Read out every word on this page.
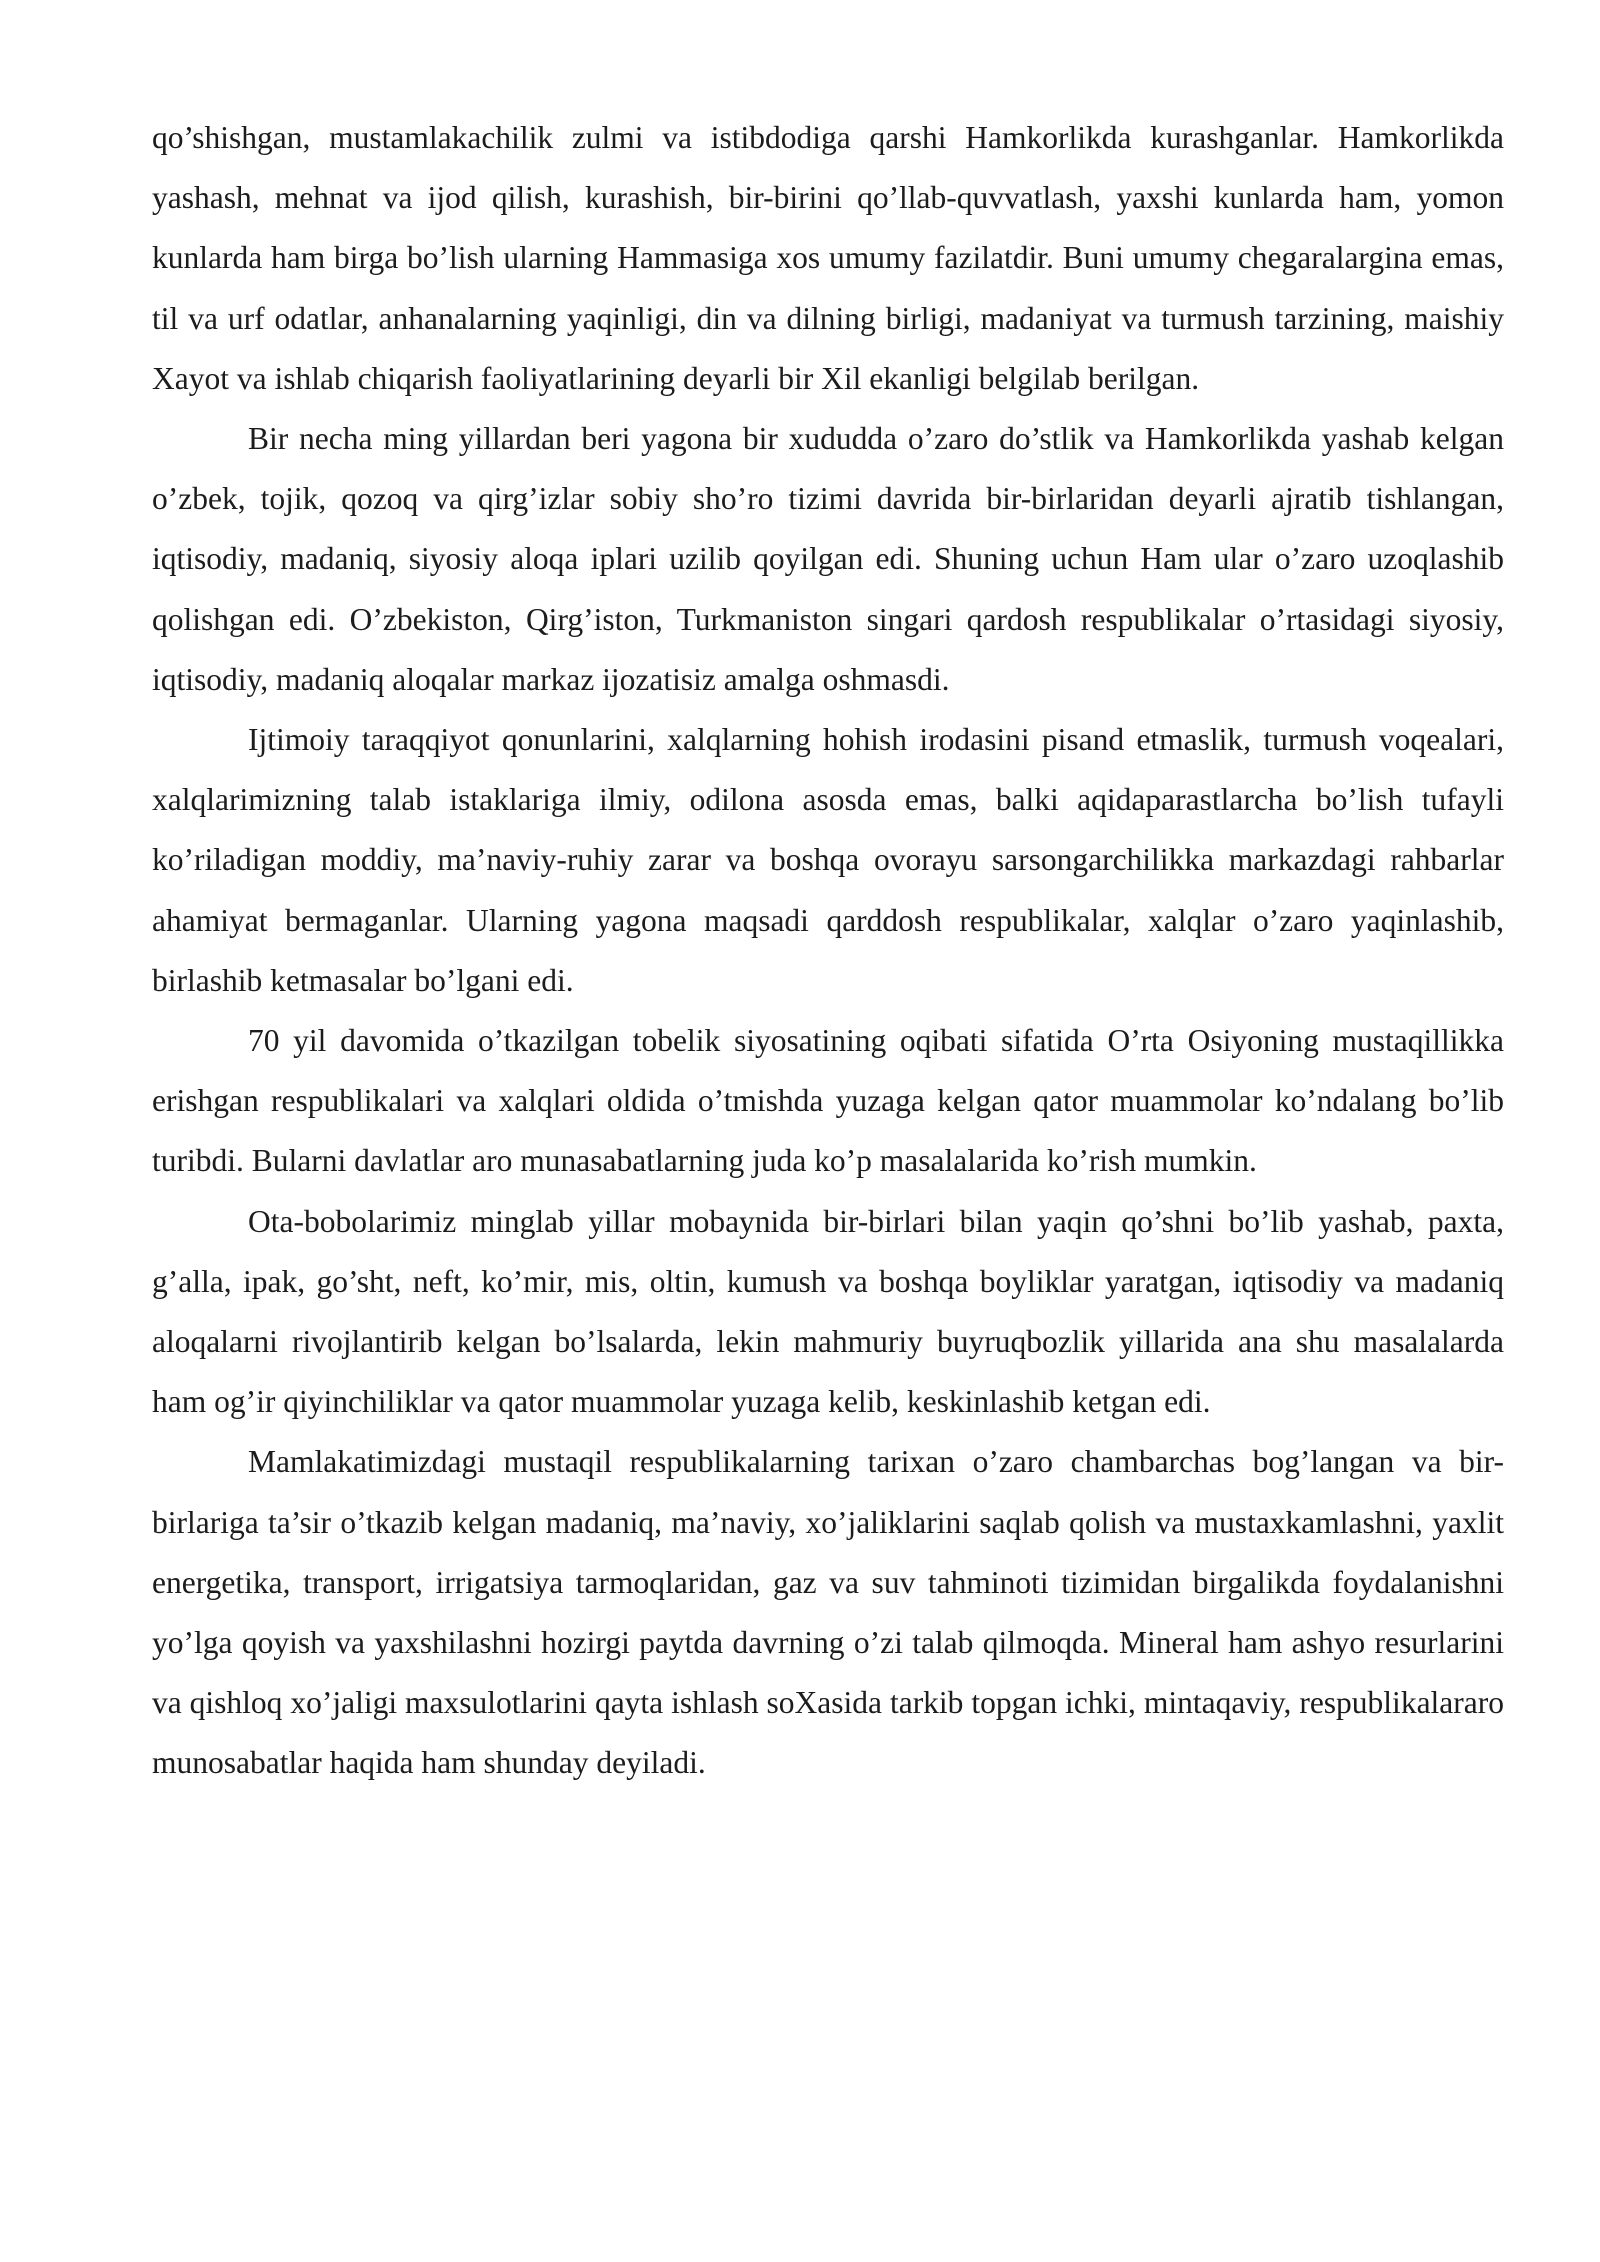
qo’shishgan, mustamlakachilik zulmi va istibdodiga qarshi Hamkorlikda kurashganlar. Hamkorlikda yashash, mehnat va ijod qilish, kurashish, bir-birini qo’llab-quvvatlash, yaxshi kunlarda ham, yomon kunlarda ham birga bo’lish ularning Hammasiga xos umumy fazilatdir. Buni umumy chegaralargina emas, til va urf odatlar, anhanalarning yaqinligi, din va dilning birligi, madaniyat va turmush tarzining, maishiy Xayot va ishlab chiqarish faoliyatlarining deyarli bir Xil ekanligi belgilab berilgan.

Bir necha ming yillardan beri yagona bir xududda o’zaro do’stlik va Hamkorlikda yashab kelgan o’zbek, tojik, qozoq va qirg’izlar sobiy sho’ro tizimi davrida bir-birlaridan deyarli ajratib tishlangan, iqtisodiy, madaniq, siyosiy aloqa iplari uzilib qoyilgan edi. Shuning uchun Ham ular o’zaro uzoqlashib qolishgan edi. O’zbekiston, Qirg’iston, Turkmaniston singari qardosh respublikalar o’rtasidagi siyosiy, iqtisodiy, madaniq aloqalar markaz ijozatisiz amalga oshmasdi.

Ijtimoiy taraqqiyot qonunlarini, xalqlarning hohish irodasini pisand etmaslik, turmush voqealari, xalqlarimizning talab istaklariga ilmiy, odilona asosda emas, balki aqidaparastlarcha bo’lish tufayli ko’riladigan moddiy, ma’naviy-ruhiy zarar va boshqa ovorayu sarsongarchilikka markazdagi rahbarlar ahamiyat bermaganlar. Ularning yagona maqsadi qarddosh respublikalar, xalqlar o’zaro yaqinlashib, birlashib ketmasalar bo’lgani edi.

70 yil davomida o’tkazilgan tobelik siyosatining oqibati sifatida O’rta Osiyoning mustaqillikka erishgan respublikalari va xalqlari oldida o’tmishda yuzaga kelgan qator muammolar ko’ndalang bo’lib turibdi. Bularni davlatlar aro munasabatlarning juda ko’p masalalarida ko’rish mumkin.

Ota-bobolarimiz minglab yillar mobaynida bir-birlari bilan yaqin qo’shni bo’lib yashab, paxta, g’alla, ipak, go’sht, neft, ko’mir, mis, oltin, kumush va boshqa boyliklar yaratgan, iqtisodiy va madaniq aloqalarni rivojlantirib kelgan bo’lsalarda, lekin mahmuriy buyruqbozlik yillarida ana shu masalalarda ham og’ir qiyinchiliklar va qator muammolar yuzaga kelib, keskinlashib ketgan edi.

Mamlakatimizdagi mustaqil respublikalarning tarixan o’zaro chambarchas bog’langan va bir-birlariga ta’sir o’tkazib kelgan madaniq, ma’naviy, xo’jaliklarini saqlab qolish va mustaxkamlashni, yaxlit energetika, transport, irrigatsiya tarmoqlaridan, gaz va suv tahminoti tizimidan birgalikda foydalanishni yo’lga qoyish va yaxshilashni hozirgi paytda davrning o’zi talab qilmoqda. Mineral ham ashyo resurlarini va qishloq xo’jaligi maxsulotlarini qayta ishlash soXasida tarkib topgan ichki, mintaqaviy, respublikalararo munosabatlar haqida ham shunday deyiladi.
